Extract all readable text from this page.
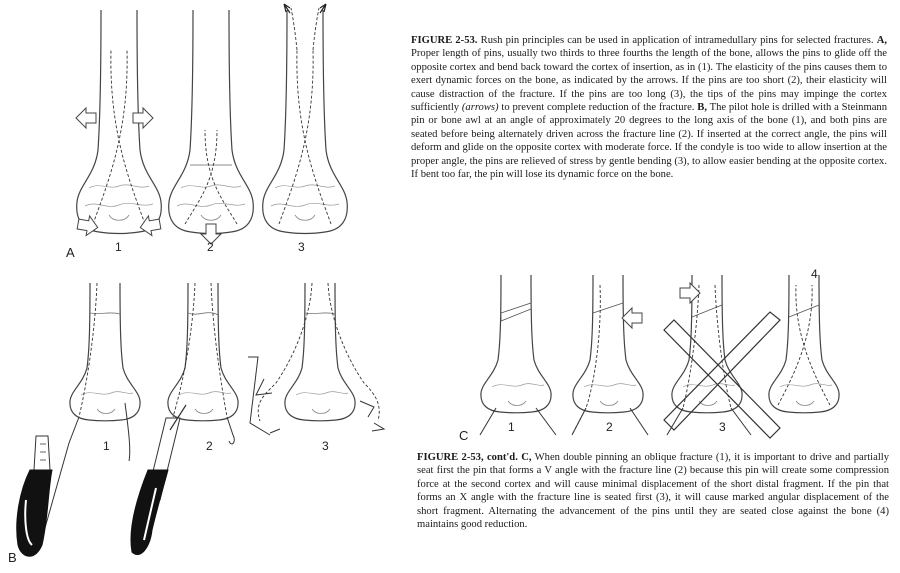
A	1	2	3
B
1	2	3
C
1	2	3
4

FIGURE 2-53. Rush pin principles can be used in application of intramedullary pins for selected fractures. A, Proper length of pins, usually two thirds to three fourths the length of the bone, allows the pins to glide off the opposite cortex and bend back toward the cortex of insertion, as in (1). The elasticity of the pins causes them to exert dynamic forces on the bone, as indicated by the arrows. If the pins are too short (2), their elasticity will cause distraction of the fracture. If the pins are too long (3), the tips of the pins may impinge the cortex sufficiently (arrows) to prevent complete reduction of the fracture. B, The pilot hole is drilled with a Steinmann pin or bone awl at an angle of approximately 20 degrees to the long axis of the bone (1), and both pins are seated before being alternately driven across the fracture line (2). If inserted at the correct angle, the pins will deform and glide on the opposite cortex with moderate force. If the condyle is too wide to allow insertion at the proper angle, the pins are relieved of stress by gentle bending (3), to allow easier bending at the opposite cortex. If bent too far, the pin will lose its dynamic force on the bone.

FIGURE 2-53, cont'd. C, When double pinning an oblique fracture (1), it is important to drive and partially seat first the pin that forms a V angle with the fracture line (2) because this pin will create some compression force at the second cortex and will cause minimal displacement of the short distal fragment. If the pin that forms an X angle with the fracture line is seated first (3), it will cause marked angular displacement of the short fragment. Alternating the advancement of the pins until they are seated close against the bone (4) maintains good reduction.
